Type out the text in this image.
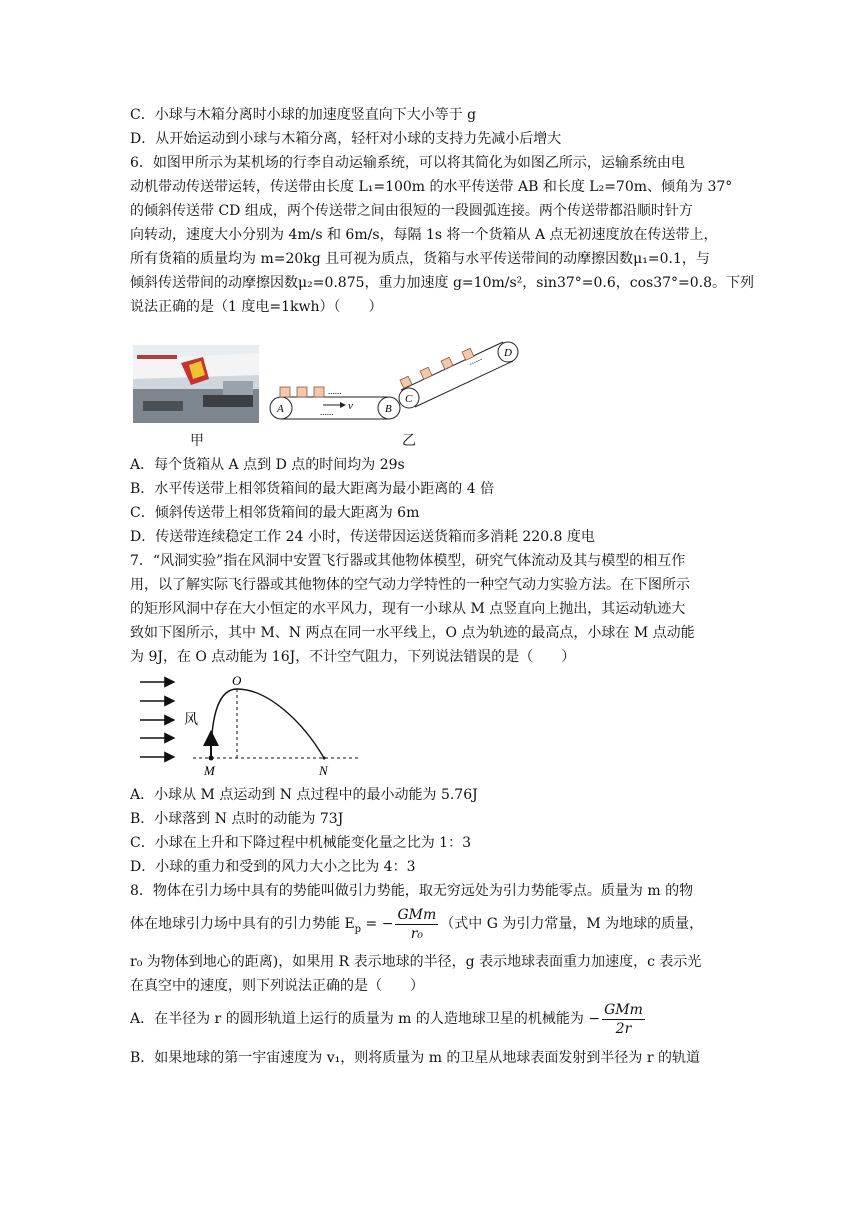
C．小球与木箱分离时小球的加速度竖直向下大小等于 g
D．从开始运动到小球与木箱分离，轻杆对小球的支持力先减小后增大
6．如图甲所示为某机场的行李自动运输系统，可以将其简化为如图乙所示，运输系统由电
动机带动传送带运转，传送带由长度 L₁=100m 的水平传送带 AB 和长度 L₂=70m、倾角为 37°
的倾斜传送带 CD 组成，两个传送带之间由很短的一段圆弧连接。两个传送带都沿顺时针方
向转动，速度大小分别为 4m/s 和 6m/s，每隔 1s 将一个货箱从 A 点无初速度放在传送带上，
所有货箱的质量均为 m=20kg 且可视为质点，货箱与水平传送带间的动摩擦因数μ₁=0.1，与
倾斜传送带间的动摩擦因数μ₂=0.875，重力加速度 g=10m/s²，sin37°=0.6，cos37°=0.8。下列
说法正确的是（1 度电=1kwh）（　　）
v
......
......
......
A	B
C
D
甲	乙
A．每个货箱从 A 点到 D 点的时间均为 29s
B．水平传送带上相邻货箱间的最大距离为最小距离的 4 倍
C．倾斜传送带上相邻货箱间的最大距离为 6m
D．传送带连续稳定工作 24 小时，传送带因运送货箱而多消耗 220.8 度电
7．“风洞实验”指在风洞中安置飞行器或其他物体模型，研究气体流动及其与模型的相互作
用，以了解实际飞行器或其他物体的空气动力学特性的一种空气动力实验方法。在下图所示
的矩形风洞中存在大小恒定的水平风力，现有一小球从 M 点竖直向上抛出，其运动轨迹大
致如下图所示，其中 M、N 两点在同一水平线上，O 点为轨迹的最高点，小球在 M 点动能
为 9J，在 O 点动能为 16J，不计空气阻力，下列说法错误的是（　　）
风
O
M	N
A．小球从 M 点运动到 N 点过程中的最小动能为 5.76J
B．小球落到 N 点时的动能为 73J
C．小球在上升和下降过程中机械能变化量之比为 1：3
D．小球的重力和受到的风力大小之比为 4：3
8．物体在引力场中具有的势能叫做引力势能，取无穷远处为引力势能零点。质量为 m 的物
体在地球引力场中具有的引力势能 $E_p$ = − $\frac{\text{GMm}}{\text{r₀}}$ （式中 G 为引力常量，M 为地球的质量，
r₀ 为物体到地心的距离)，如果用 R 表示地球的半径，g 表示地球表面重力加速度，c 表示光
在真空中的速度，则下列说法正确的是（　　）
A．在半径为 r 的圆形轨道上运行的质量为 m 的人造地球卫星的机械能为 − $\frac{\text{GMm}}{2r}$
B．如果地球的第一宇宙速度为 v₁，则将质量为 m 的卫星从地球表面发射到半径为 r 的轨道
